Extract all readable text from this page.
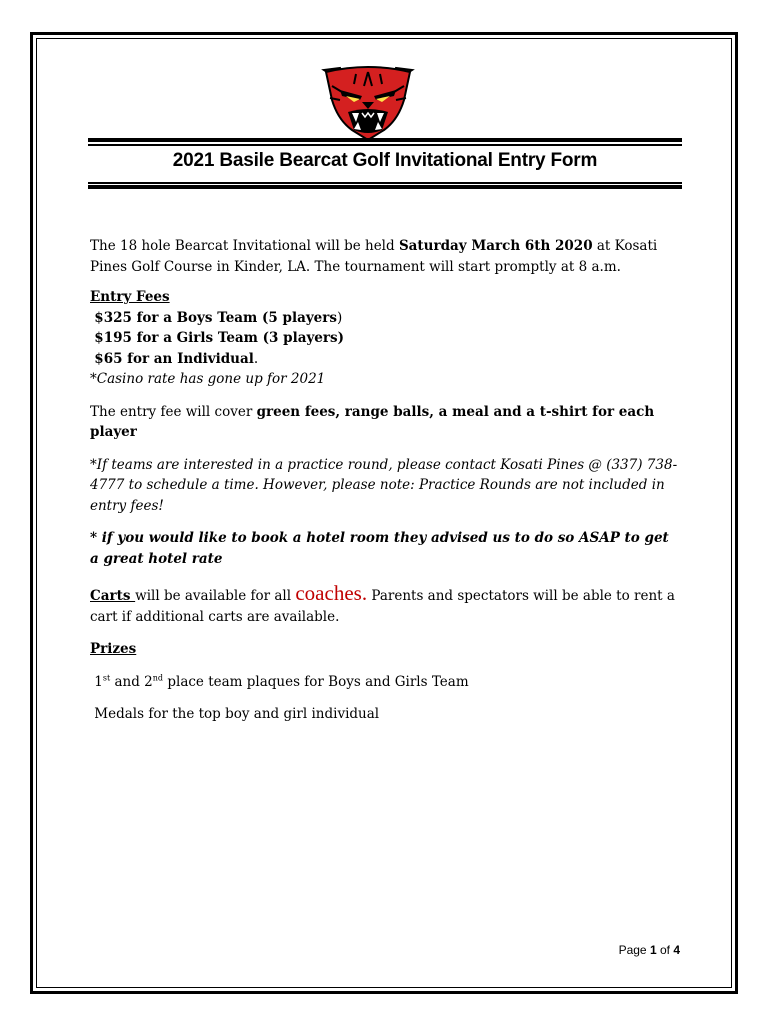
2021 Basile Bearcat Golf Invitational Entry Form

The 18 hole Bearcat Invitational will be held Saturday March 6th 2020 at Kosati Pines Golf Course in Kinder, LA. The tournament will start promptly at 8 a.m.

Entry Fees

$325 for a Boys Team (5 players)

$195 for a Girls Team (3 players)

$65 for an Individual.

*Casino rate has gone up for 2021

The entry fee will cover green fees, range balls, a meal and a t-shirt for each player

*If teams are interested in a practice round, please contact Kosati Pines @ (337) 738-4777 to schedule a time. However, please note: Practice Rounds are not included in entry fees!

* if you would like to book a hotel room they advised us to do so ASAP to get a great hotel rate

Carts will be available for all coaches. Parents and spectators will be able to rent a cart if additional carts are available.

Prizes

1st and 2nd place team plaques for Boys and Girls Team

Medals for the top boy and girl individual

Page 1 of 4
